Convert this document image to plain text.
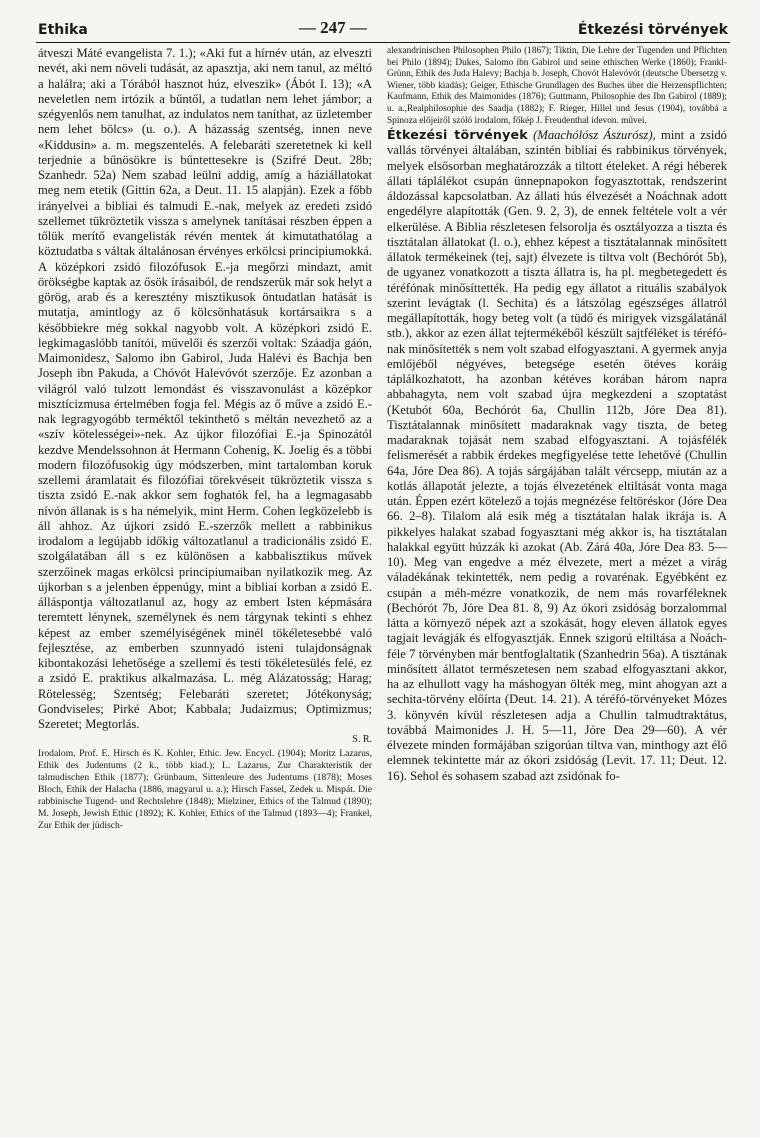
Ethika	— 247 —	Étkezési törvények

átveszi Máté evangelista 7. 1.); «Aki fut a hírnév után, az elveszti nevét, aki nem növeli tudását, az apasztja, aki nem tanul, az méltó a halálra; aki a Tórából hasznot húz, elveszik» (Ábót I. 13); «A neveletlen nem irtózik a bűntől, a tudatlan nem lehet jámbor; a szégyenlős nem tanulhat, az indulatos nem taníthat, az üzletember nem lehet bölcs» (u. o.). A házasság szentség, innen neve «Kiddusin» a. m. megszentelés. A felebaráti szeretetnek ki kell terjednie a bűnösökre is bűntettesekre is (Szifré Deut. 28b; Szanhedr. 52a) Nem szabad leülni addig, amíg a háziállatokat meg nem etetik (Gittin 62a, a Deut. 11. 15 alapján). Ezek a főbb irányelvei a bibliai és talmudi E.-nak, melyek az eredeti zsidó szellemet tükröztetik vissza s amelynek tanításai részben éppen a tőlük merítő evangelisták révén mentek át kimutathatólag a köztudatba s váltak általánosan érvényes erkölcsi principiumokká. A középkori zsidó filozófusok E.-ja megőrzi mindazt, amit örökségbe kaptak az ősök írásaiból, de rendszerük már sok helyt a görög, arab és a keresztény misztikusok öntudatlan hatását is mutatja, amintlogy az ő kölcsönhatásuk kortársaikra s a későbbiekre még sokkal nagyobb volt. A középkori zsidó E. legkimagaslóbb tanítói, művelői és szerzői voltak: Száadja gáón, Maimonidesz, Salomo ibn Gabirol, Juda Halévi és Bachja ben Joseph ibn Pakuda, a Chóvót Halevóvót szerzője. Ez azonban a világról való tulzott lemondást és visszavonulást a középkor misztícizmusa értelmében fogja fel. Mégis az ő műve a zsidó E.-nak legragyogóbb terméktől tekinthető s méltán nevezhető az a «szív kötelességei»-nek. Az újkor filozófiai E.-ja Spinozától kezdve Mendelssohnon át Hermann Cohenig, K. Joelig és a többi modern filozófusokig úgy módszerben, mint tartalomban koruk szellemi áramlatait és filozófiai törekvéseit tükröztetik vissza s tiszta zsidó E.-nak akkor sem foghatók fel, ha a legmagasabb nívón állanak is s ha némelyik, mint Herm. Cohen legközelebb is áll ahhoz. Az újkori zsidó E.-szerzők mellett a rabbinikus irodalom a legújabb időkig változatlanul a tradicionális zsidó E. szolgálatában áll s ez különösen a kabbalisztikus művek szerzőinek magas erkölcsi principiumaiban nyilatkozik meg. Az újkorban s a jelenben éppenúgy, mint a bibliai korban a zsidó E. álláspontja változatlanul az, hogy az embert Isten képmására teremtett lénynek, személynek és nem tárgynak tekinti s ehhez képest az ember személyiségének minél tökéletesebbé való fejlesztése, az emberben szunnyadó isteni tulajdonságnak kibontakozási lehetősége a szellemi és testi tökéletesülés felé, ez a zsidó E. praktikus alkalmazása. L. még Alázatosság; Harag; Rötelesség; Szentség; Felebaráti szeretet; Jótékonyság; Gondviseles; Pirké Abot; Kabbala; Judaizmus; Optimizmus; Szeretet; Megtorlás.

S. R.

Irodalom. Prof. E. Hirsch és K. Kohler, Ethic. Jew. Encycl. (1904); Moritz Lazarus, Ethik des Judentums (2 k., több kiad.); L. Lazarus, Zur Charakteristik der talmudischen Ethik (1877); Grünbaum, Sittenleure des Judentums (1878); Moses Bloch, Ethik der Halacha (1886, magyarul u. a.); Hirsch Fassel, Zedek u. Mispát. Die rabbinische Tugend- und Rechtslehre (1848); Mielziner, Ethics of the Talmud (1890); M. Joseph, Jewish Ethic (1892); K. Kohler, Ethics of the Talmud (1893—4); Frankel, Zur Ethik der jüdisch-

alexandrinischen Philosophen Philo (1867); Tiktin, Die Lehre der Tugenden und Pflichten bei Philo (1894); Dukes, Salomo ibn Gabirol und seine ethischen Werke (1860); Frankl-Grünn, Ethik des Juda Halevy; Bachja b. Joseph, Chovót Halevóvót (deutsche Übersetzg v. Wiener, több kiadás); Geiger, Ethische Grundlagen des Buches über die Herzenspflichten; Kaufmann, Ethik des Maimonides (1876); Guttmann, Philosophie des Ibn Gabirol (1889); u. a.,Realphilosophie des Saadja (1882); F. Rieger, Hillel und Jesus (1904), továbbá a Spinoza előjeiről szóló irodalom, főkép J. Freudenthal idevon. művei.

Étkezési törvények (Maachólósz Ászurósz), mint a zsidó vallás törvényei általában, szintén bibliai és rabbinikus törvények, melyek elsősorban meghatározzák a tiltott ételeket. A régi héberek állati táplálékot csupán ünnepnapokon fogyasztottak, rendszerint áldozással kapcsolatban. Az állati hús élvezését a Noáchnak adott engedélyre alapították (Gen. 9. 2, 3), de ennek feltétele volt a vér elkerülése. A Biblia részletesen felsorolja és osztályozza a tiszta és tisztátalan állatokat (l. o.), ehhez képest a tisztátalannak minősített állatok termékeinek (tej, sajt) élvezete is tiltva volt (Bechórót 5b), de ugyanez vonatkozott a tiszta állatra is, ha pl. megbetegedett és téréfónak minősíttették. Ha pedig egy állatot a rituális szabályok szerint levágtak (l. Sechita) és a látszólag egészséges állatról megállapították, hogy beteg volt (a tüdő és mirigyek vizsgálatánál stb.), akkor az ezen állat tejtermékéből készült sajtféléket is téréfó-nak minősítették s nem volt szabad elfogyasztani. A gyermek anyja emlőjéből négyéves, betegsége esetén ötéves koráig táplálkozhatott, ha azonban kétéves korában három napra abbahagyta, nem volt szabad újra megkezdeni a szoptatást (Ketubót 60a, Bechórót 6a, Chullin 112b, Jóre Dea 81). Tisztátalannak minősített madaraknak vagy tiszta, de beteg madaraknak tojását nem szabad elfogyasztani. A tojásfélék felismerését a rabbik érdekes megfigyelése tette lehetővé (Chullin 64a, Jóre Dea 86). A tojás sárgájában talált vércsepp, miután az a kotlás állapotát jelezte, a tojás élvezetének eltiltását vonta maga után. Éppen ezért kötelező a tojás megnézése feltöréskor (Jóre Dea 66. 2–8). Tilalom alá esik még a tisztátalan halak ikrája is. A pikkelyes halakat szabad fogyasztani még akkor is, ha tisztátalan halakkal együtt húzzák ki azokat (Ab. Zárá 40a, Jóre Dea 83. 5—10). Meg van engedve a méz élvezete, mert a mézet a virág váladékának tekintették, nem pedig a rovarénak. Egyébként ez csupán a méh-mézre vonatkozik, de nem más rovarféleknek (Bechórót 7b, Jóre Dea 81. 8, 9) Az ókori zsidóság borzalommal látta a környező népek azt a szokását, hogy eleven állatok egyes tagjait levágják és elfogyasztják. Ennek szigorú eltiltása a Noách-féle 7 törvényben már bentfoglaltatik (Szanhedrin 56a). A tisztának minősített állatot természetesen nem szabad elfogyasztani akkor, ha az elhullott vagy ha máshogyan ölték meg, mint ahogyan azt a sechita-törvény előírta (Deut. 14. 21). A téréfó-törvényeket Mózes 3. könyvén kívül részletesen adja a Chullin talmudtraktátus, továbbá Maimonides J. H. 5—11, Jóre Dea 29—60). A vér élvezete minden formájában szigorúan tiltva van, minthogy azt élő elemnek tekintette már az ókori zsidóság (Levit. 17. 11; Deut. 12. 16). Sehol és sohasem szabad azt zsidónak fo-
